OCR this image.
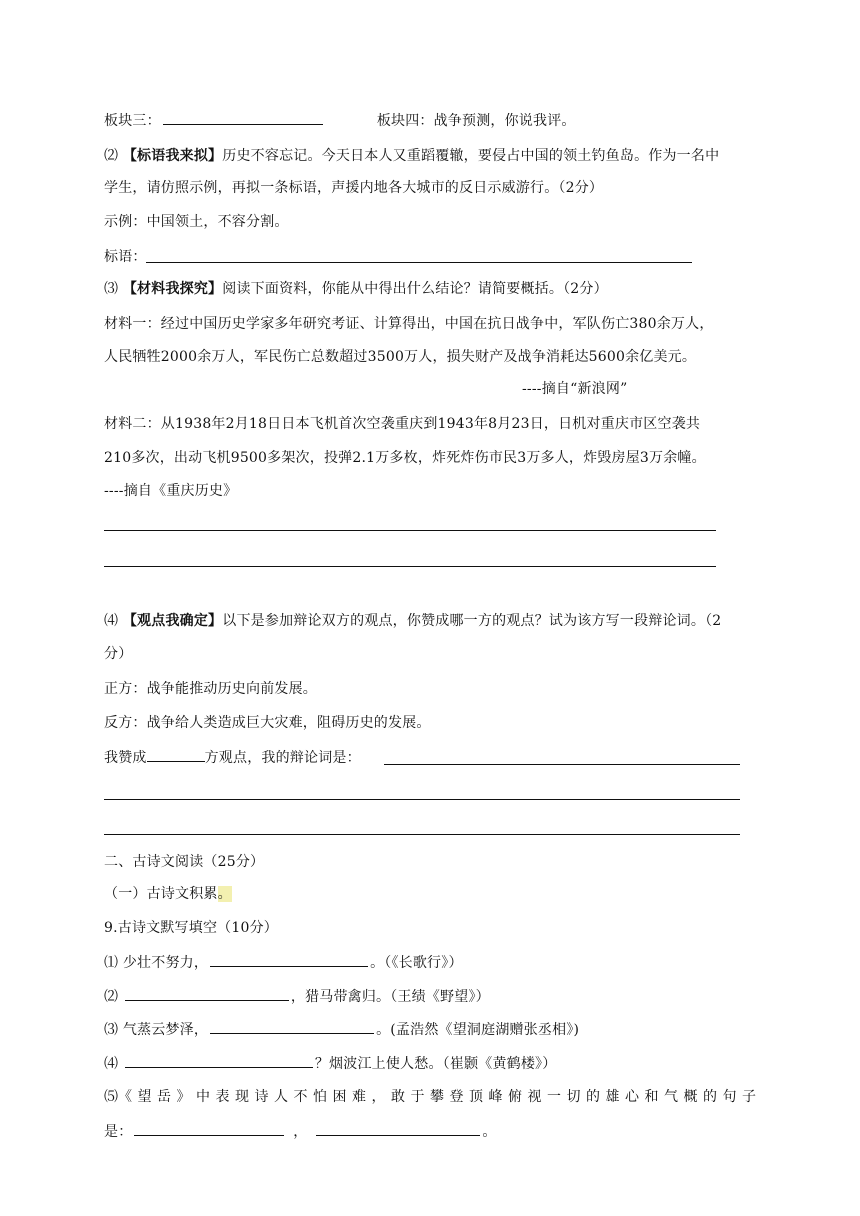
板块三：	板块四：战争预测，你说我评。
⑵ 【标语我来拟】历史不容忘记。今天日本人又重蹈覆辙，要侵占中国的领土钓鱼岛。作为一名中
学生，请仿照示例，再拟一条标语，声援内地各大城市的反日示威游行。（2分）
示例：中国领土，不容分割。
标语：
⑶ 【材料我探究】阅读下面资料，你能从中得出什么结论？请简要概括。（2分）
材料一：经过中国历史学家多年研究考证、计算得出，中国在抗日战争中，军队伤亡380余万人，
人民牺牲2000余万人，军民伤亡总数超过3500万人，损失财产及战争消耗达5600余亿美元。
----摘自“新浪网”
材料二：从1938年2月18日日本飞机首次空袭重庆到1943年8月23日，日机对重庆市区空袭共
210多次，出动飞机9500多架次，投弹2.1万多枚，炸死炸伤市民3万多人，炸毁房屋3万余幢。
----摘自《重庆历史》
⑷ 【观点我确定】以下是参加辩论双方的观点，你赞成哪一方的观点？试为该方写一段辩论词。（2
分）
正方：战争能推动历史向前发展。
反方：战争给人类造成巨大灾难，阻碍历史的发展。
我赞成	方观点，我的辩论词是：
二、古诗文阅读（25分）
（一）古诗文积累。
9.古诗文默写填空（10分）
⑴ 少壮不努力，	。（《长歌行》）
⑵	，猎马带禽归。（王绩《野望》）
⑶ 气蒸云梦泽，	。(孟浩然《望洞庭湖赠张丞相》)
⑷	？烟波江上使人愁。（崔颢《黄鹤楼》）
⑸《 望 岳 》 中 表 现 诗 人 不 怕 困 难 ， 敢 于 攀 登 顶 峰 俯 视 一 切 的 雄 心 和 气 概 的 句 子
是：	，	。
